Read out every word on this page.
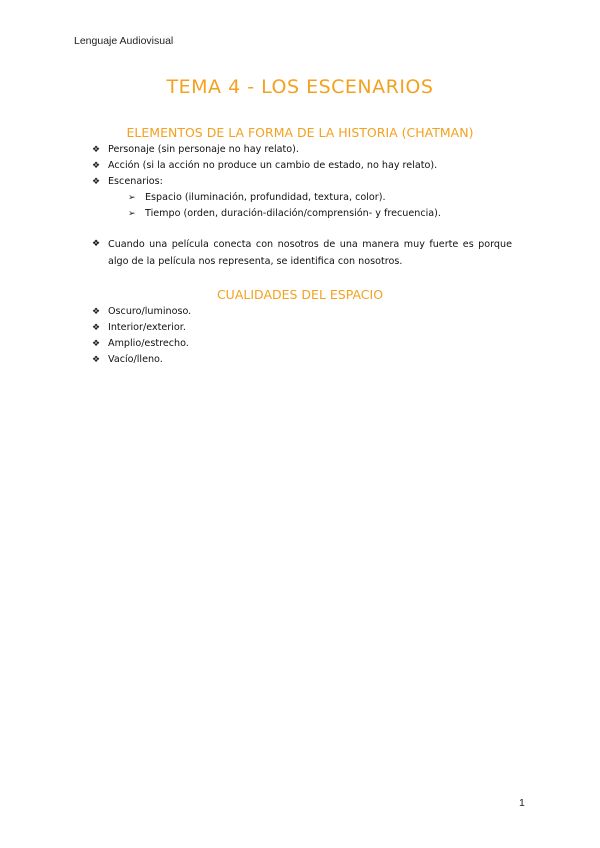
Lenguaje Audiovisual
TEMA 4 - LOS ESCENARIOS
ELEMENTOS DE LA FORMA DE LA HISTORIA (CHATMAN)
❖ Personaje (sin personaje no hay relato).
❖ Acción (si la acción no produce un cambio de estado, no hay relato).
❖ Escenarios:
➢ Espacio (iluminación, profundidad, textura, color).
➢ Tiempo (orden, duración-dilación/comprensión- y frecuencia).
❖ Cuando una película conecta con nosotros de una manera muy fuerte es porque algo de la película nos representa, se identifica con nosotros.
CUALIDADES DEL ESPACIO
❖ Oscuro/luminoso.
❖ Interior/exterior.
❖ Amplio/estrecho.
❖ Vacío/lleno.
1
